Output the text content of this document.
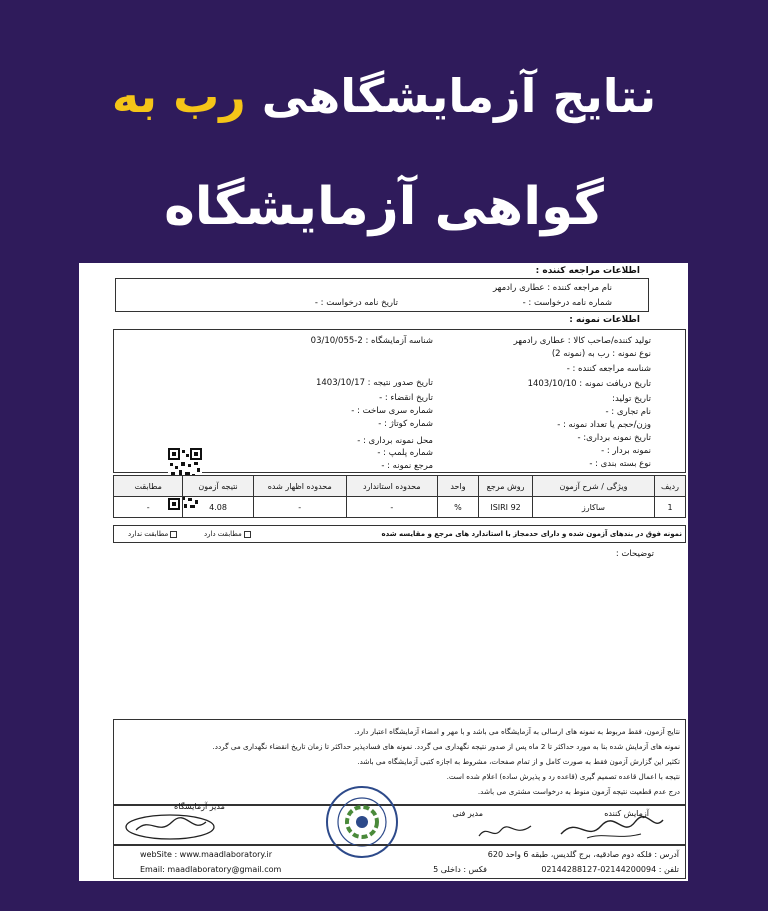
نتایج آزمایشگاهی رب به
گواهی آزمایشگاه
اطلاعات مراجعه کننده :
نام مراجعه کننده : عطاری رادمهر
شماره نامه درخواست : -
تاریخ نامه درخواست : -
اطلاعات نمونه :
تولید کننده/صاحب کالا : عطاری رادمهر
نوع نمونه : رب به (نمونه 2)
شناسه مراجعه کننده : -
تاریخ دریافت نمونه : 1403/10/10
تاریخ تولید:
نام تجاری : -
وزن/حجم یا تعداد نمونه : -
تاریخ نمونه برداری: -
نمونه بردار : -
نوع بسته بندی : -
شناسه آزمایشگاه : 2-03/10/055
تاریخ صدور نتیجه : 1403/10/17
تاریخ انقضاء : -
شماره سری ساخت : -
شماره کوتاژ : -
محل نمونه برداری : -
شماره پلمپ : -
مرجع نمونه : -
ردیف	ویژگی / شرح آزمون	روش مرجع	واحد	محدوده استاندارد	محدوده اظهار شده	نتیجه آزمون	مطابقت
1	ساکارز	ISIRI 92	%	-	-	4.08	-
نمونه فوق در بندهای آزمون شده و دارای حدمجاز با استاندارد های مرجع و مقایسه شده
مطابقت دارد
مطابقت ندارد
توضیحات :
نتایج آزمون، فقط مربوط به نمونه های ارسالی به آزمایشگاه می باشد و با مهر و امضاء آزمایشگاه اعتبار دارد.
نمونه های آزمایش شده بنا به مورد حداکثر تا 2 ماه پس از صدور نتیجه نگهداری می گردد. نمونه های فسادپذیر حداکثر تا زمان تاریخ انقضاء نگهداری می گردد.
تکثیر این گزارش آزمون فقط به صورت کامل و از تمام صفحات، مشروط به اجازه کتبی آزمایشگاه می باشد.
نتیجه با اعمال قاعده تصمیم گیری (قاعده رد و پذیرش ساده) اعلام شده است.
درج عدم قطعیت نتیجه آزمون منوط به درخواست مشتری می باشد.
آزمایش کننده
مدیر فنی
مدیر آزمایشگاه
آدرس : فلکه دوم صادقیه، برج گلدیس، طبقه 6 واحد 620
تلفن : 02144200094-02144288127
فکس : داخلی 5
webSite : www.maadlaboratory.ir
Email: maadlaboratory@gmail.com
